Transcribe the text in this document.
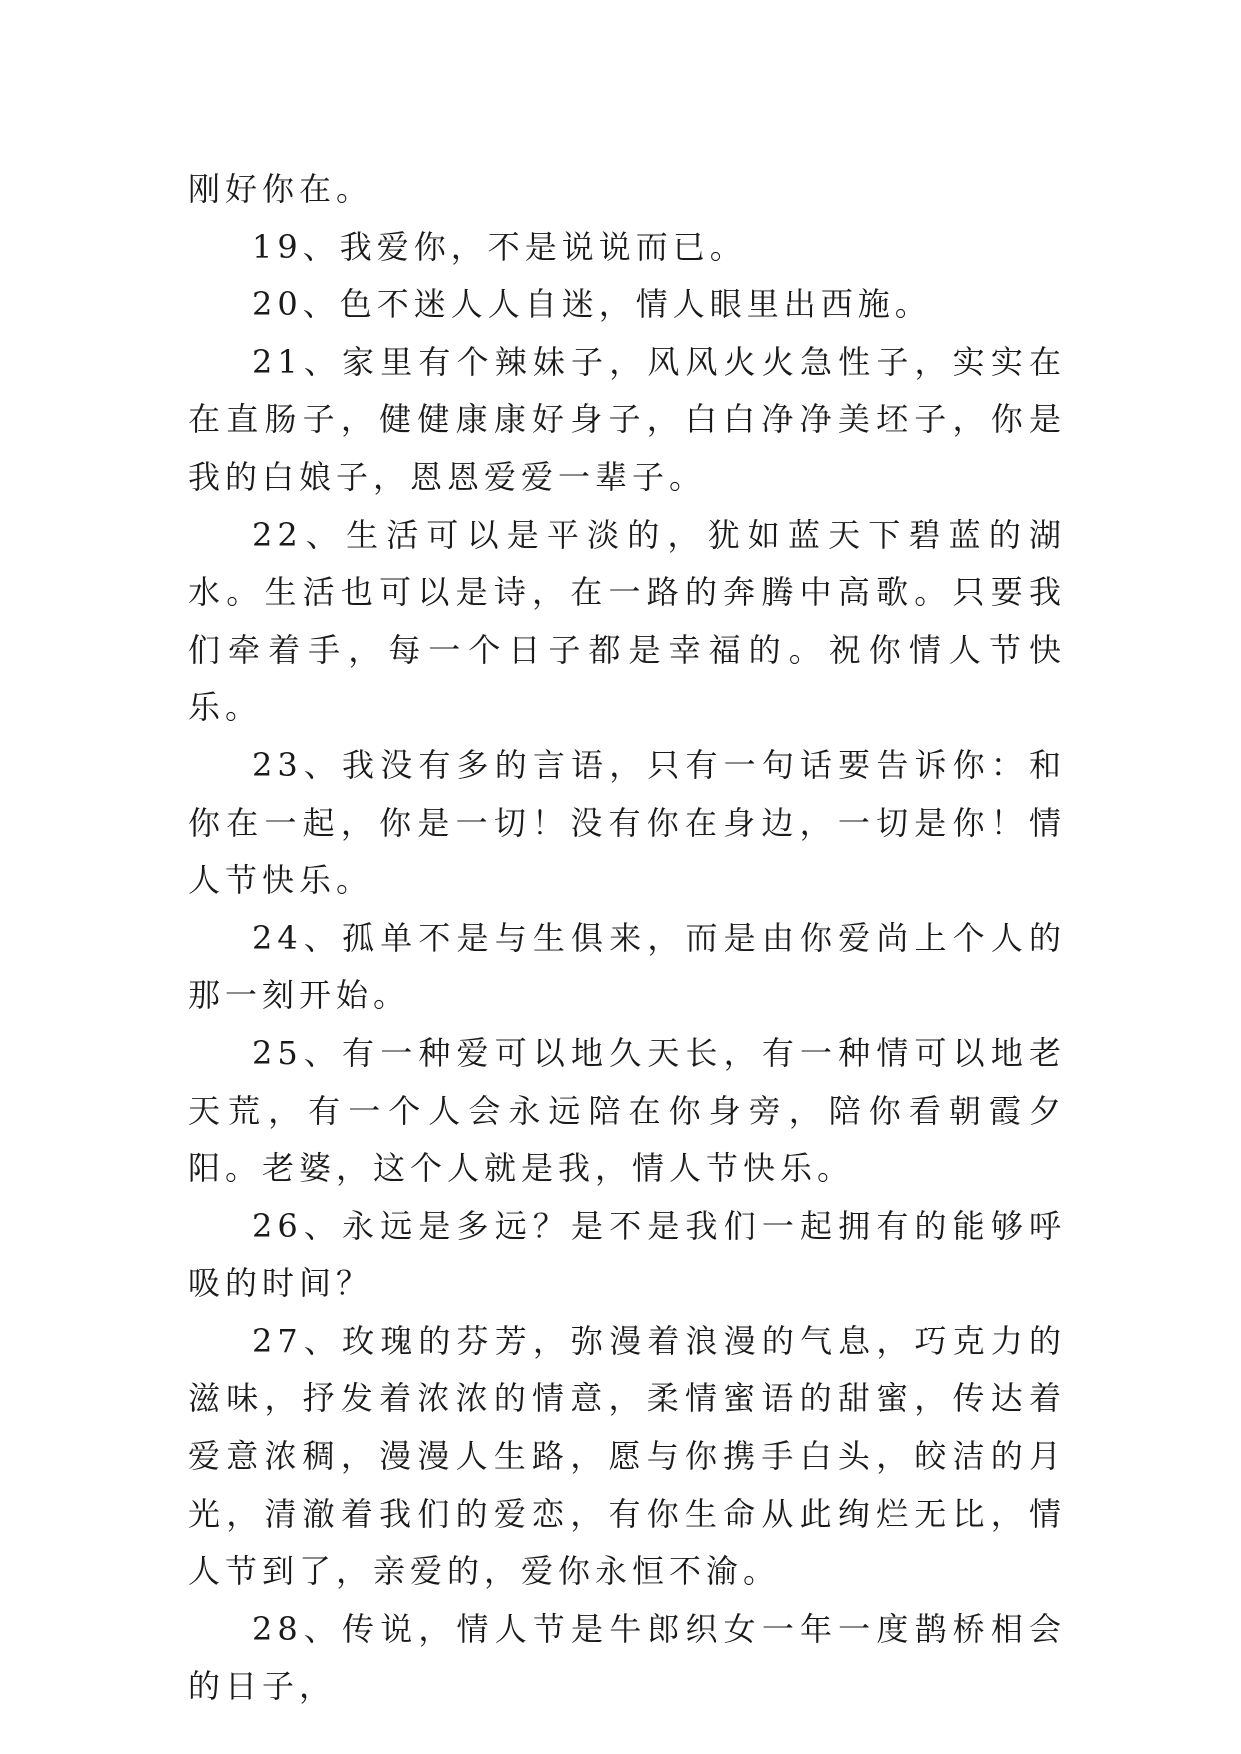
刚好你在。

19、我爱你，不是说说而已。

20、色不迷人人自迷，情人眼里出西施。

21、家里有个辣妹子，风风火火急性子，实实在在直肠子，健健康康好身子，白白净净美坯子，你是我的白娘子，恩恩爱爱一辈子。

22、生活可以是平淡的，犹如蓝天下碧蓝的湖水。生活也可以是诗，在一路的奔腾中高歌。只要我们牵着手，每一个日子都是幸福的。祝你情人节快乐。

23、我没有多的言语，只有一句话要告诉你：和你在一起，你是一切！没有你在身边，一切是你！情人节快乐。

24、孤单不是与生俱来，而是由你爱尚上个人的那一刻开始。

25、有一种爱可以地久天长，有一种情可以地老天荒，有一个人会永远陪在你身旁，陪你看朝霞夕阳。老婆，这个人就是我，情人节快乐。

26、永远是多远？是不是我们一起拥有的能够呼吸的时间？

27、玫瑰的芬芳，弥漫着浪漫的气息，巧克力的滋味，抒发着浓浓的情意，柔情蜜语的甜蜜，传达着爱意浓稠，漫漫人生路，愿与你携手白头，皎洁的月光，清澈着我们的爱恋，有你生命从此绚烂无比，情人节到了，亲爱的，爱你永恒不渝。

28、传说，情人节是牛郎织女一年一度鹊桥相会的日子，
